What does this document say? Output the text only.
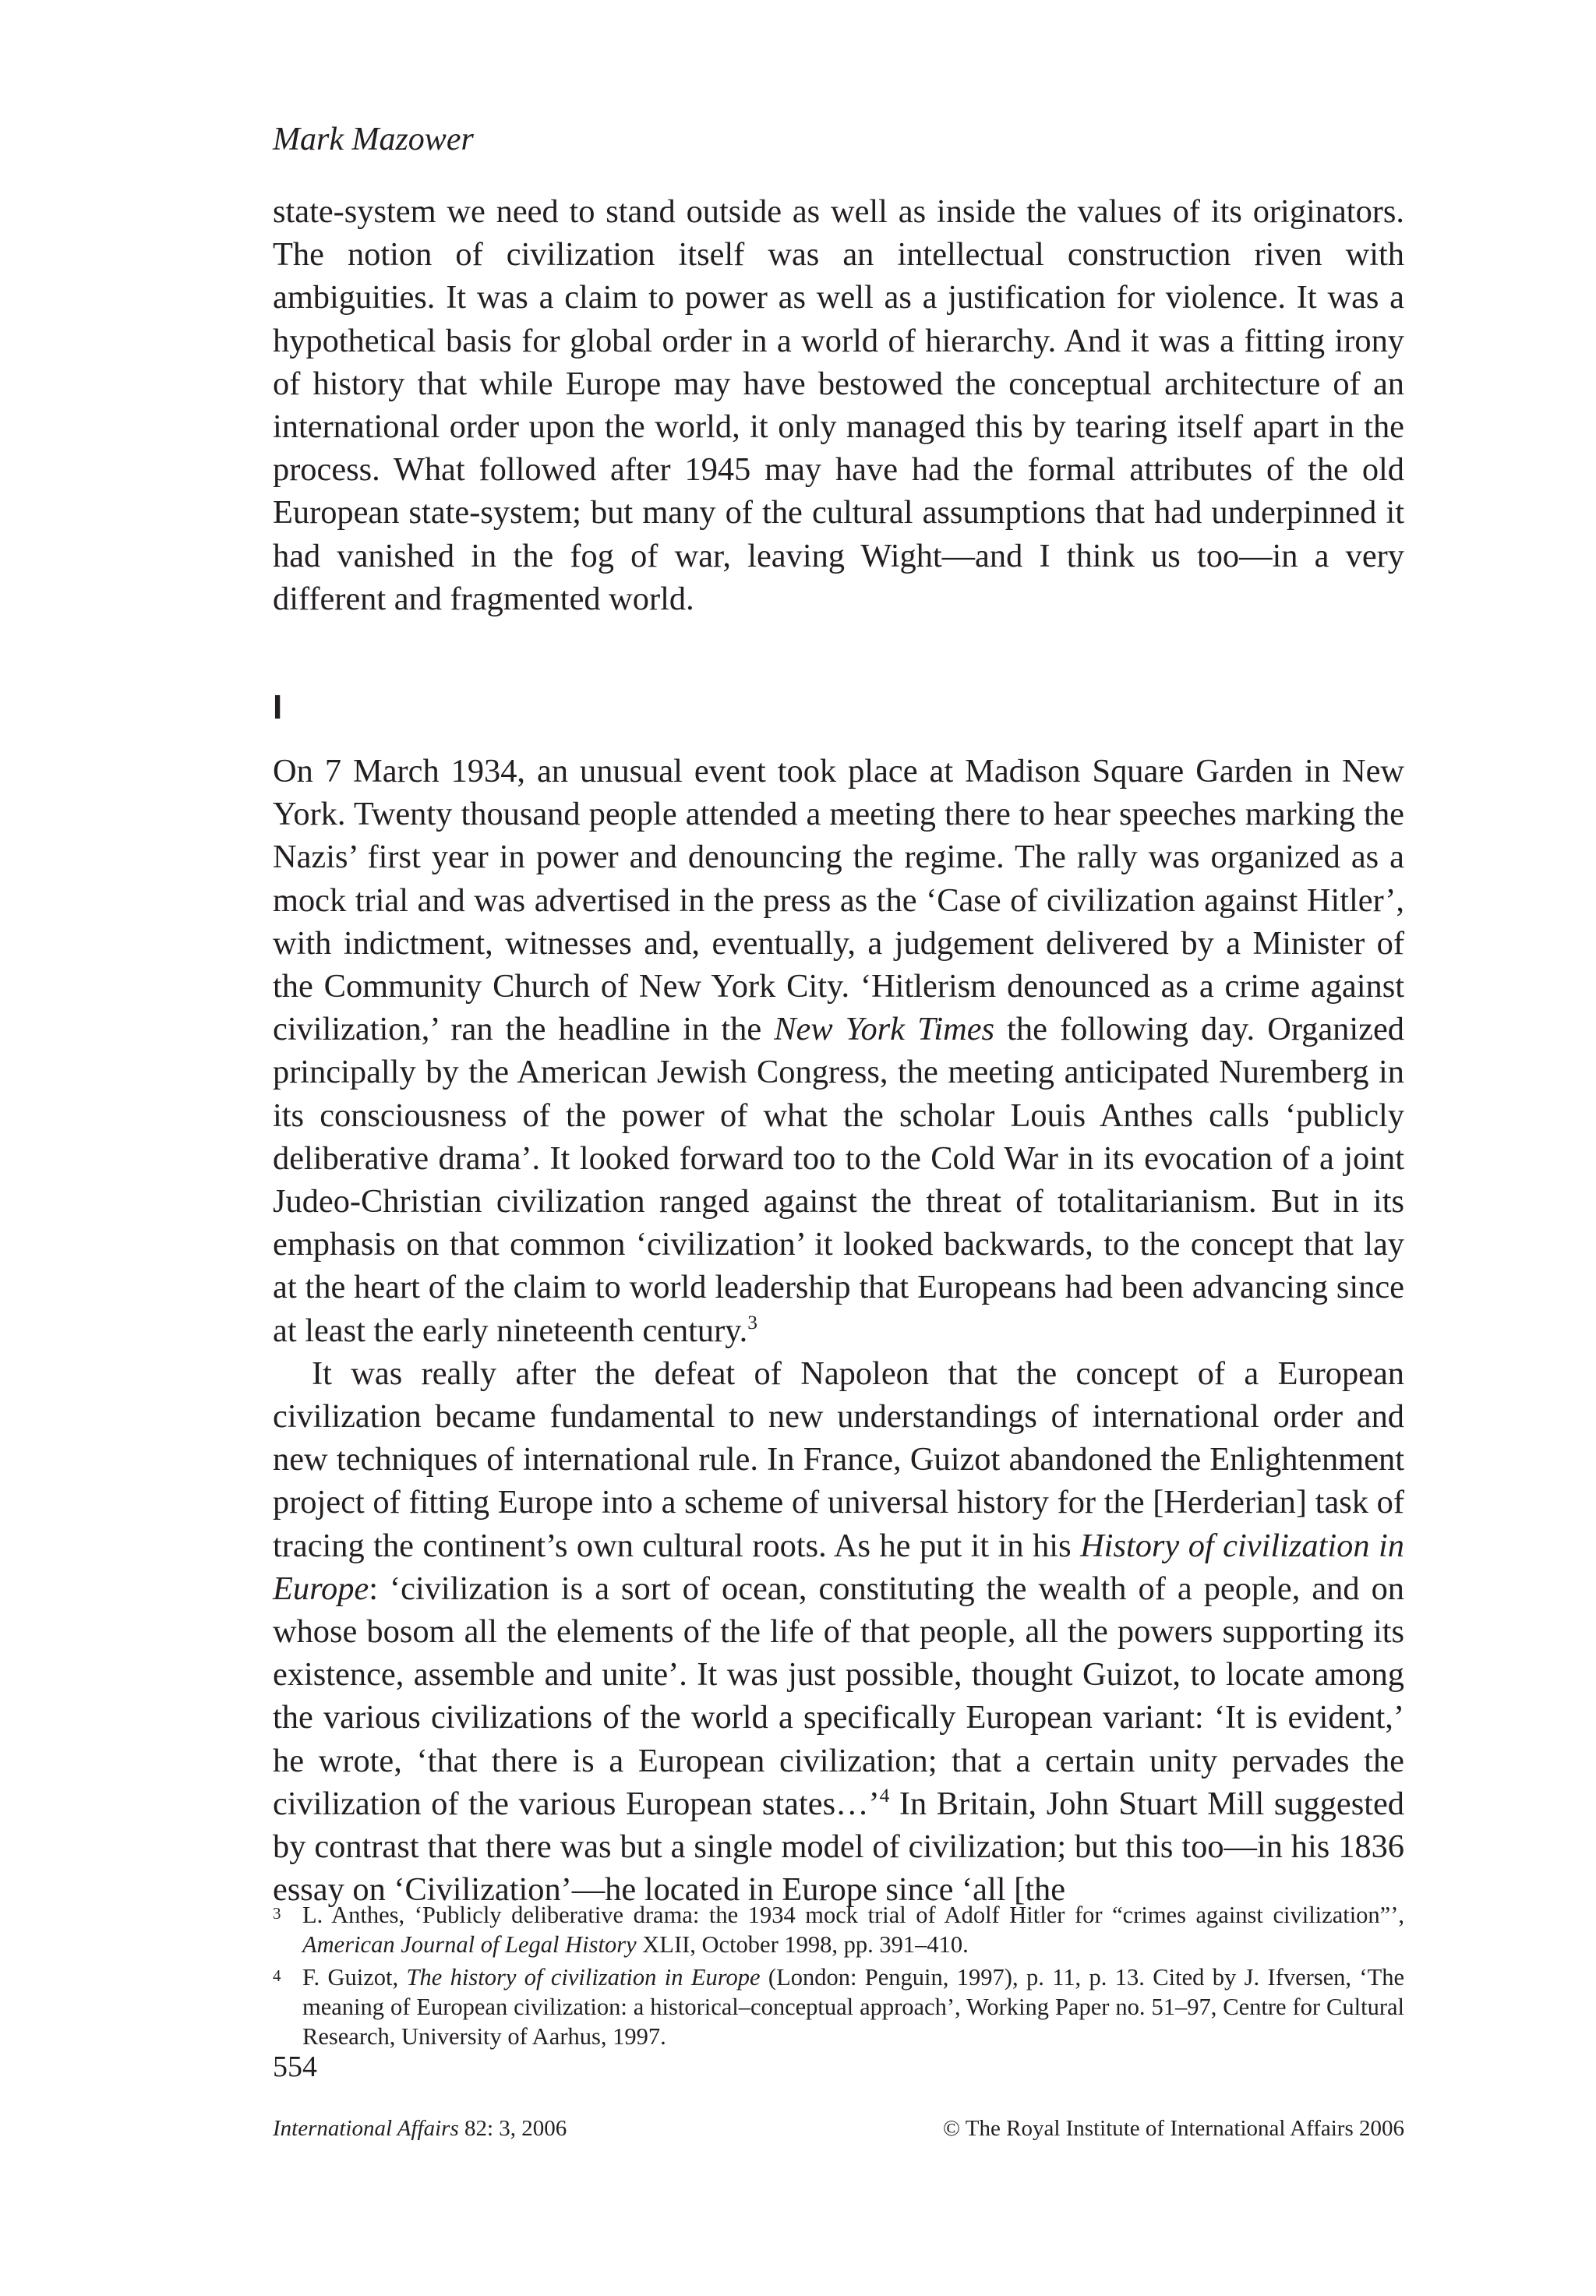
Mark Mazower

state-system we need to stand outside as well as inside the values of its originators. The notion of civilization itself was an intellectual construction riven with ambiguities. It was a claim to power as well as a justification for violence. It was a hypothetical basis for global order in a world of hierarchy. And it was a fitting irony of history that while Europe may have bestowed the conceptual architecture of an international order upon the world, it only managed this by tearing itself apart in the process. What followed after 1945 may have had the formal attributes of the old European state-system; but many of the cultural assumptions that had underpinned it had vanished in the fog of war, leaving Wight—and I think us too—in a very different and fragmented world.

I

On 7 March 1934, an unusual event took place at Madison Square Garden in New York. Twenty thousand people attended a meeting there to hear speeches marking the Nazis’ first year in power and denouncing the regime. The rally was organized as a mock trial and was advertised in the press as the ‘Case of civilization against Hitler’, with indictment, witnesses and, eventually, a judgement delivered by a Minister of the Community Church of New York City. ‘Hitlerism denounced as a crime against civilization,’ ran the headline in the New York Times the following day. Organized principally by the American Jewish Congress, the meeting anticipated Nuremberg in its consciousness of the power of what the scholar Louis Anthes calls ‘publicly deliberative drama’. It looked forward too to the Cold War in its evocation of a joint Judeo-Christian civilization ranged against the threat of totalitarianism. But in its emphasis on that common ‘civilization’ it looked backwards, to the concept that lay at the heart of the claim to world leadership that Europeans had been advancing since at least the early nineteenth century.$^3$

It was really after the defeat of Napoleon that the concept of a European civilization became fundamental to new understandings of international order and new techniques of international rule. In France, Guizot abandoned the Enlightenment project of fitting Europe into a scheme of universal history for the [Herderian] task of tracing the continent’s own cultural roots. As he put it in his History of civilization in Europe: ‘civilization is a sort of ocean, constituting the wealth of a people, and on whose bosom all the elements of the life of that people, all the powers supporting its existence, assemble and unite’. It was just possible, thought Guizot, to locate among the various civilizations of the world a specifically European variant: ‘It is evident,’ he wrote, ‘that there is a European civilization; that a certain unity pervades the civilization of the various European states…’$^4$ In Britain, John Stuart Mill suggested by contrast that there was but a single model of civilization; but this too—in his 1836 essay on ‘Civilization’—he located in Europe since ‘all [the

3 L. Anthes, ‘Publicly deliberative drama: the 1934 mock trial of Adolf Hitler for “crimes against civilization”’, American Journal of Legal History XLII, October 1998, pp. 391–410.
4 F. Guizot, The history of civilization in Europe (London: Penguin, 1997), p. 11, p. 13. Cited by J. Ifversen, ‘The meaning of European civilization: a historical–conceptual approach’, Working Paper no. 51–97, Centre for Cultural Research, University of Aarhus, 1997.
554
International Affairs 82: 3, 2006	© The Royal Institute of International Affairs 2006
